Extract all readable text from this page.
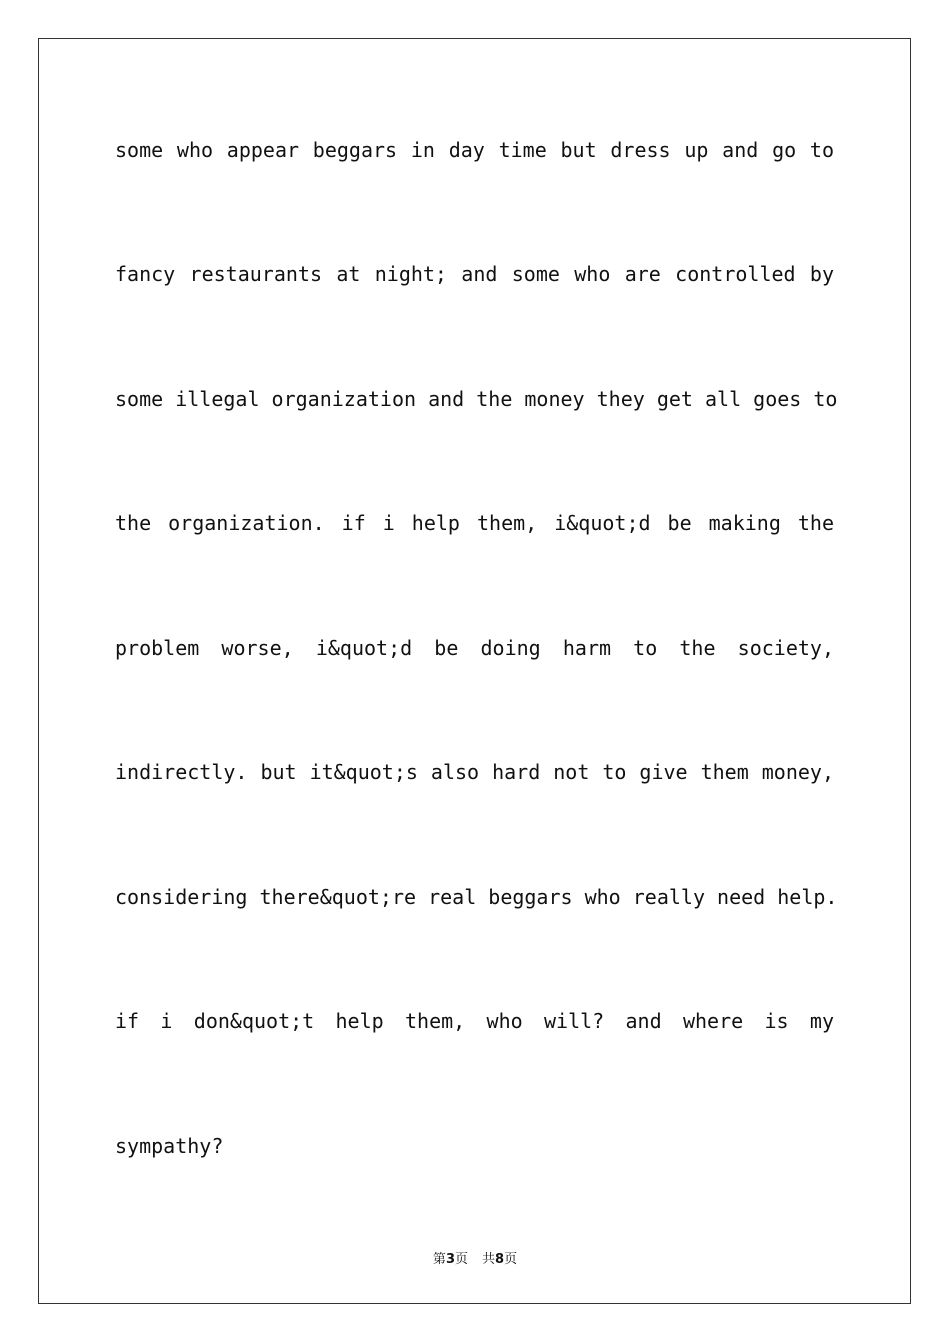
some who appear beggars in day time but dress up and go to
fancy restaurants at night; and some who are controlled by
some illegal organization and the money they get all goes to
the organization. if i help them, i&quot;d be making the
problem worse, i&quot;d be doing harm to the society,
indirectly. but it&quot;s also hard not to give them money,
considering there&quot;re real beggars who really need help.
if i don&quot;t help them, who will? and where is my
sympathy?
第3页 共8页
